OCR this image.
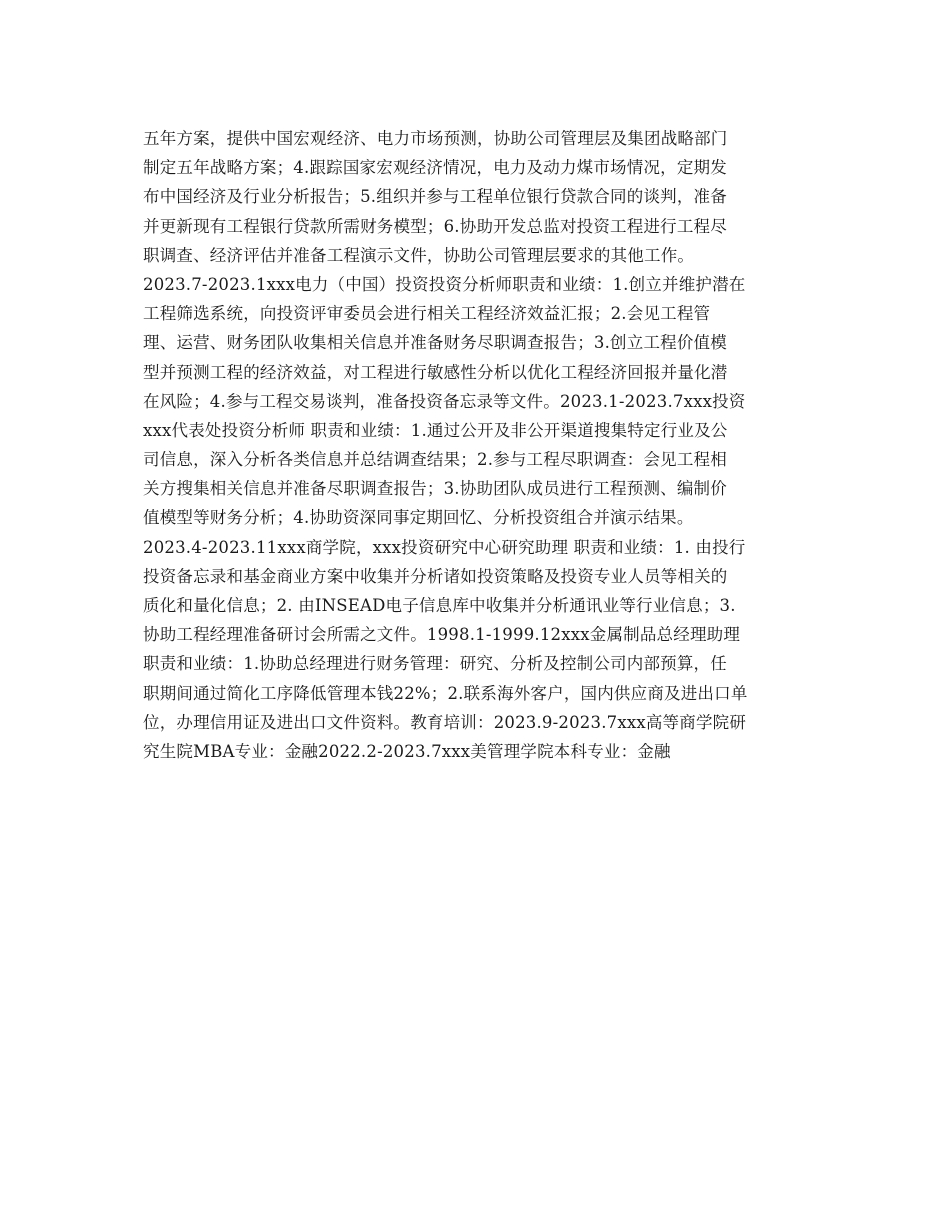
五年方案，提供中国宏观经济、电力市场预测，协助公司管理层及集团战略部门
制定五年战略方案；4.跟踪国家宏观经济情况，电力及动力煤市场情况，定期发
布中国经济及行业分析报告；5.组织并参与工程单位银行贷款合同的谈判，准备
并更新现有工程银行贷款所需财务模型；6.协助开发总监对投资工程进行工程尽
职调查、经济评估并准备工程演示文件，协助公司管理层要求的其他工作。
2023.7-2023.1xxx电力（中国）投资投资分析师职责和业绩：1.创立并维护潜在
工程筛选系统，向投资评审委员会进行相关工程经济效益汇报；2.会见工程管
理、运营、财务团队收集相关信息并准备财务尽职调查报告；3.创立工程价值模
型并预测工程的经济效益，对工程进行敏感性分析以优化工程经济回报并量化潜
在风险；4.参与工程交易谈判，准备投资备忘录等文件。2023.1-2023.7xxx投资
xxx代表处投资分析师 职责和业绩：1.通过公开及非公开渠道搜集特定行业及公
司信息，深入分析各类信息并总结调查结果；2.参与工程尽职调查：会见工程相
关方搜集相关信息并准备尽职调查报告；3.协助团队成员进行工程预测、编制价
值模型等财务分析；4.协助资深同事定期回忆、分析投资组合并演示结果。
2023.4-2023.11xxx商学院，xxx投资研究中心研究助理 职责和业绩：1. 由投行
投资备忘录和基金商业方案中收集并分析诸如投资策略及投资专业人员等相关的
质化和量化信息；2. 由INSEAD电子信息库中收集并分析通讯业等行业信息；3.
协助工程经理准备研讨会所需之文件。1998.1-1999.12xxx金属制品总经理助理
职责和业绩：1.协助总经理进行财务管理：研究、分析及控制公司内部预算，任
职期间通过简化工序降低管理本钱22%；2.联系海外客户，国内供应商及进出口单
位，办理信用证及进出口文件资料。教育培训：2023.9-2023.7xxx高等商学院研
究生院MBA专业：金融2022.2-2023.7xxx美管理学院本科专业：金融
